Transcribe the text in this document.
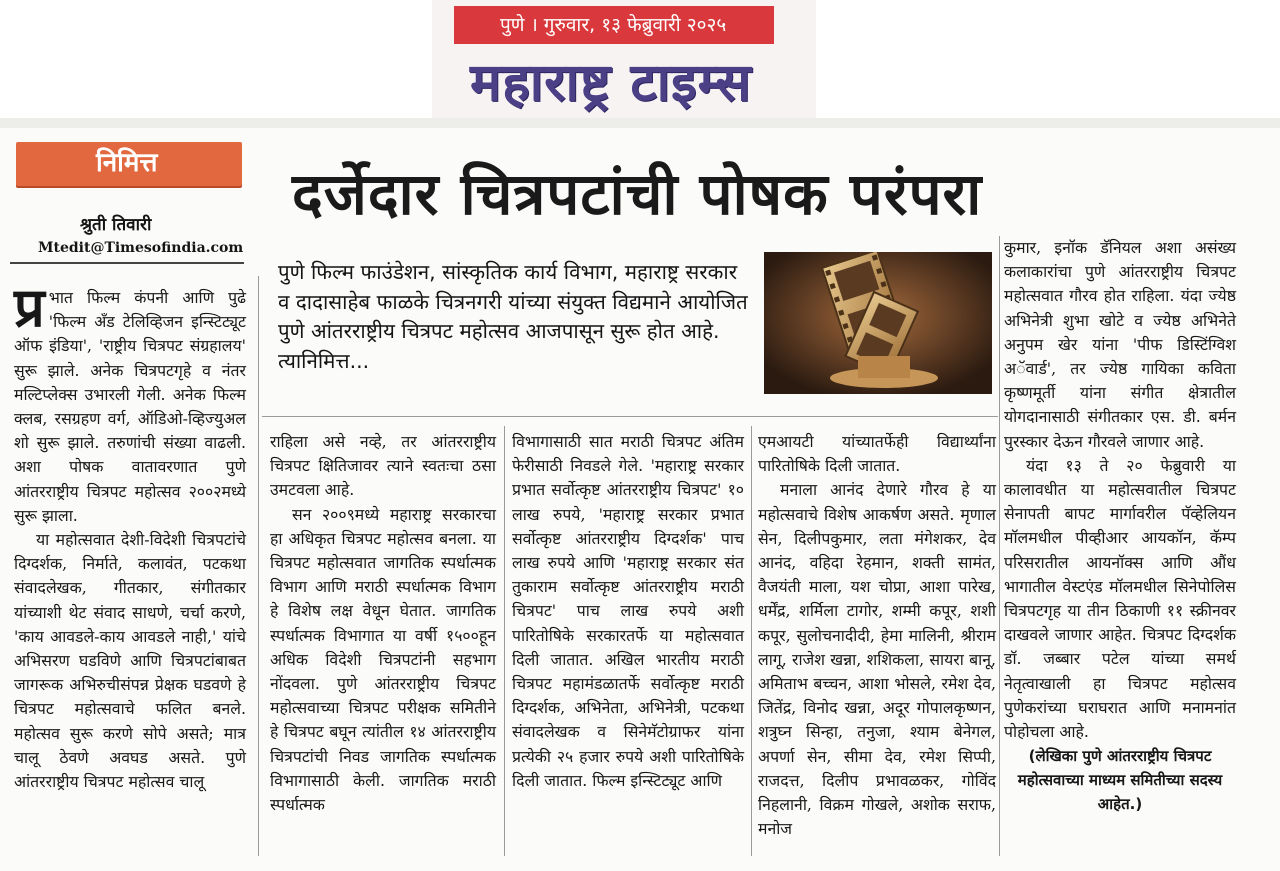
पुणे । गुरुवार, १३ फेब्रुवारी २०२५
महाराष्ट्र टाइम्स
निमित्त
श्रुती तिवारी
Mtedit@Timesofindia.com
दर्जेदार चित्रपटांची पोषक परंपरा
पुणे फिल्म फाउंडेशन, सांस्कृतिक कार्य विभाग, महाराष्ट्र सरकार व दादासाहेब फाळके चित्रनगरी यांच्या संयुक्त विद्यमाने आयोजित पुणे आंतरराष्ट्रीय चित्रपट महोत्सव आजपासून सुरू होत आहे. त्यानिमित्त...

प्र भात फिल्म कंपनी आणि पुढे 'फिल्म अँड टेलिव्हिजन इन्स्टिट्यूट ऑफ इंडिया', 'राष्ट्रीय चित्रपट संग्रहालय' सुरू झाले. अनेक चित्रपटगृहे व नंतर मल्टिप्लेक्स उभारली गेली. अनेक फिल्म क्लब, रसग्रहण वर्ग, ऑडिओ-व्हिज्युअल शो सुरू झाले. तरुणांची संख्या वाढली. अशा पोषक वातावरणात पुणे आंतरराष्ट्रीय चित्रपट महोत्सव २००२मध्ये सुरू झाला.

या महोत्सवात देशी-विदेशी चित्रपटांचे दिग्दर्शक, निर्माते, कलावंत, पटकथा संवादलेखक, गीतकार, संगीतकार यांच्याशी थेट संवाद साधणे, चर्चा करणे, 'काय आवडले-काय आवडले नाही,' यांचे अभिसरण घडविणे आणि चित्रपटांबाबत जागरूक अभिरुचीसंपन्न प्रेक्षक घडवणे हे चित्रपट महोत्सवाचे फलित बनले. महोत्सव सुरू करणे सोपे असते; मात्र चालू ठेवणे अवघड असते. पुणे आंतरराष्ट्रीय चित्रपट महोत्सव चालू

राहिला असे नव्हे, तर आंतरराष्ट्रीय चित्रपट क्षितिजावर त्याने स्वतःचा ठसा उमटवला आहे.

सन २००९मध्ये महाराष्ट्र सरकारचा हा अधिकृत चित्रपट महोत्सव बनला. या चित्रपट महोत्सवात जागतिक स्पर्धात्मक विभाग आणि मराठी स्पर्धात्मक विभाग हे विशेष लक्ष वेधून घेतात. जागतिक स्पर्धात्मक विभागात या वर्षी १५००हून अधिक विदेशी चित्रपटांनी सहभाग नोंदवला. पुणे आंतरराष्ट्रीय चित्रपट महोत्सवाच्या चित्रपट परीक्षक समितीने हे चित्रपट बघून त्यांतील १४ आंतरराष्ट्रीय चित्रपटांची निवड जागतिक स्पर्धात्मक विभागासाठी केली. जागतिक मराठी स्पर्धात्मक

विभागासाठी सात मराठी चित्रपट अंतिम फेरीसाठी निवडले गेले. 'महाराष्ट्र सरकार प्रभात सर्वोत्कृष्ट आंतरराष्ट्रीय चित्रपट' १० लाख रुपये, 'महाराष्ट्र सरकार प्रभात सर्वोत्कृष्ट आंतरराष्ट्रीय दिग्दर्शक' पाच लाख रुपये आणि 'महाराष्ट्र सरकार संत तुकाराम सर्वोत्कृष्ट आंतरराष्ट्रीय मराठी चित्रपट' पाच लाख रुपये अशी पारितोषिके सरकारतर्फे या महोत्सवात दिली जातात. अखिल भारतीय मराठी चित्रपट महामंडळातर्फे सर्वोत्कृष्ट मराठी दिग्दर्शक, अभिनेता, अभिनेत्री, पटकथा संवादलेखक व सिनेमॅटोग्राफर यांना प्रत्येकी २५ हजार रुपये अशी पारितोषिके दिली जातात. फिल्म इन्स्टिट्यूट आणि

एमआयटी यांच्यातर्फेही विद्यार्थ्यांना पारितोषिके दिली जातात.

मनाला आनंद देणारे गौरव हे या महोत्सवाचे विशेष आकर्षण असते. मृणाल सेन, दिलीपकुमार, लता मंगेशकर, देव आनंद, वहिदा रेहमान, शक्ती सामंत, वैजयंती माला, यश चोप्रा, आशा पारेख, धर्मेंद्र, शर्मिला टागोर, शम्मी कपूर, शशी कपूर, सुलोचनादीदी, हेमा मालिनी, श्रीराम लागू, राजेश खन्ना, शशिकला, सायरा बानू, अमिताभ बच्चन, आशा भोसले, रमेश देव, जितेंद्र, विनोद खन्ना, अदूर गोपालकृष्णन, शत्रुघ्न सिन्हा, तनुजा, श्याम बेनेगल, अपर्णा सेन, सीमा देव, रमेश सिप्पी, राजदत्त, दिलीप प्रभावळकर, गोविंद निहलानी, विक्रम गोखले, अशोक सराफ, मनोज

कुमार, इनॉक डॅनियल अशा असंख्य कलाकारांचा पुणे आंतरराष्ट्रीय चित्रपट महोत्सवात गौरव होत राहिला. यंदा ज्येष्ठ अभिनेत्री शुभा खोटे व ज्येष्ठ अभिनेते अनुपम खेर यांना 'पीफ डिस्टिंग्विश अॅवार्ड', तर ज्येष्ठ गायिका कविता कृष्णमूर्ती यांना संगीत क्षेत्रातील योगदानासाठी संगीतकार एस. डी. बर्मन पुरस्कार देऊन गौरवले जाणार आहे.

यंदा १३ ते २० फेब्रुवारी या कालावधीत या महोत्सवातील चित्रपट सेनापती बापट मार्गावरील पॅव्हेलियन मॉलमधील पीव्हीआर आयकॉन, कॅम्प परिसरातील आयनॉक्स आणि औंध भागातील वेस्टएंड मॉलमधील सिनेपोलिस चित्रपटगृह या तीन ठिकाणी ११ स्क्रीनवर दाखवले जाणार आहेत. चित्रपट दिग्दर्शक डॉ. जब्बार पटेल यांच्या समर्थ नेतृत्वाखाली हा चित्रपट महोत्सव पुणेकरांच्या घराघरात आणि मनामनांत पोहोचला आहे.

(लेखिका पुणे आंतरराष्ट्रीय चित्रपट महोत्सवाच्या माध्यम समितीच्या सदस्य आहेत.)
